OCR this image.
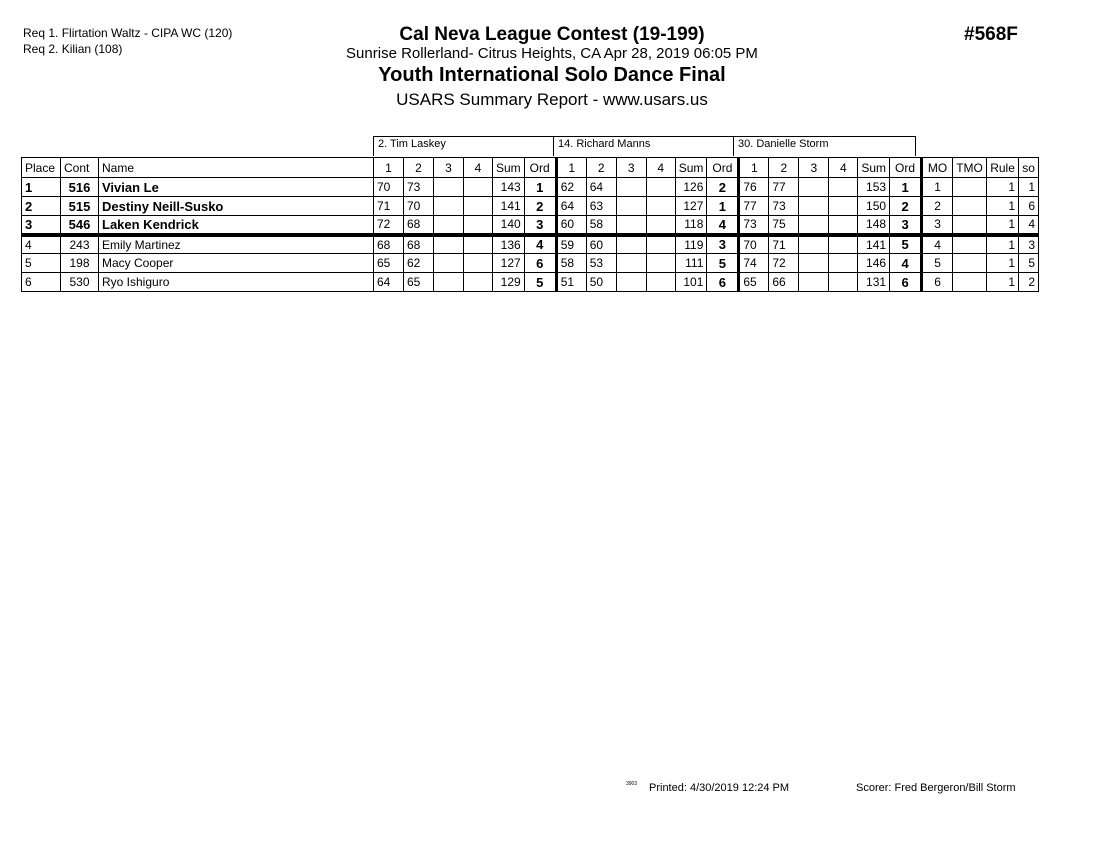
Req 1. Flirtation Waltz - CIPA WC (120)
Req 2. Kilian (108)
Cal Neva League Contest (19-199)
Sunrise Rollerland- Citrus Heights, CA Apr 28, 2019 06:05 PM
Youth International Solo Dance Final
USARS Summary Report - www.usars.us
#568F
2. Tim Laskey	14. Richard Manns	30. Danielle Storm
Place	Cont	Name	1	2	3	4	Sum	Ord	1	2	3	4	Sum	Ord	1	2	3	4	Sum	Ord	MO	TMO	Rule	so
1	516	Vivian Le	70	73			143	1	62	64			126	2	76	77			153	1	1		1	1
2	515	Destiny Neill-Susko	71	70			141	2	64	63			127	1	77	73			150	2	2		1	6
3	546	Laken Kendrick	72	68			140	3	60	58			118	4	73	75			148	3	3		1	4
4	243	Emily Martinez	68	68			136	4	59	60			119	3	70	71			141	5	4		1	3
5	198	Macy Cooper	65	62			127	6	58	53			111	5	74	72			146	4	5		1	5
6	530	Ryo Ishiguro	64	65			129	5	51	50			101	6	65	66			131	6	6		1	2
3903 Printed: 4/30/2019 12:24 PM	Scorer: Fred Bergeron/Bill Storm
